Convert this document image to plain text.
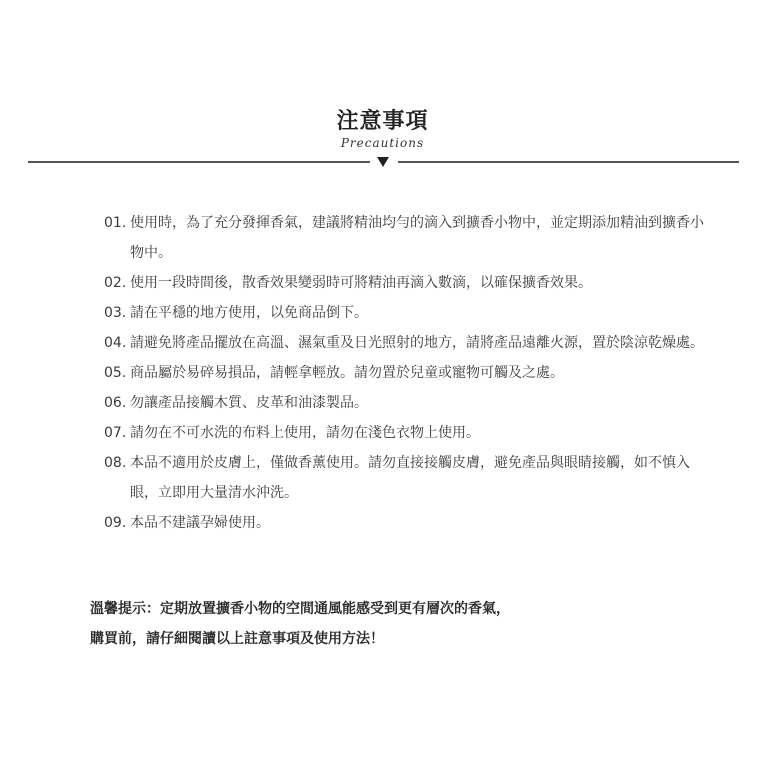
注意事項
Precautions
01. 使用時，為了充分發揮香氣，建議將精油均勻的滴入到擴香小物中，並定期添加精油到擴香小物中。
02. 使用一段時間後，散香效果變弱時可將精油再滴入數滴，以確保擴香效果。
03. 請在平穩的地方使用，以免商品倒下。
04. 請避免將產品擺放在高溫、濕氣重及日光照射的地方，請將產品遠離火源，置於陰涼乾燥處。
05. 商品屬於易碎易損品，請輕拿輕放。請勿置於兒童或寵物可觸及之處。
06. 勿讓產品接觸木質、皮革和油漆製品。
07. 請勿在不可水洗的布料上使用，請勿在淺色衣物上使用。
08. 本品不適用於皮膚上，僅做香薰使用。請勿直接接觸皮膚，避免產品與眼睛接觸，如不慎入眼，立即用大量清水沖洗。
09. 本品不建議孕婦使用。
溫馨提示：定期放置擴香小物的空間通風能感受到更有層次的香氣，
購買前，請仔細閱讀以上註意事項及使用方法！
